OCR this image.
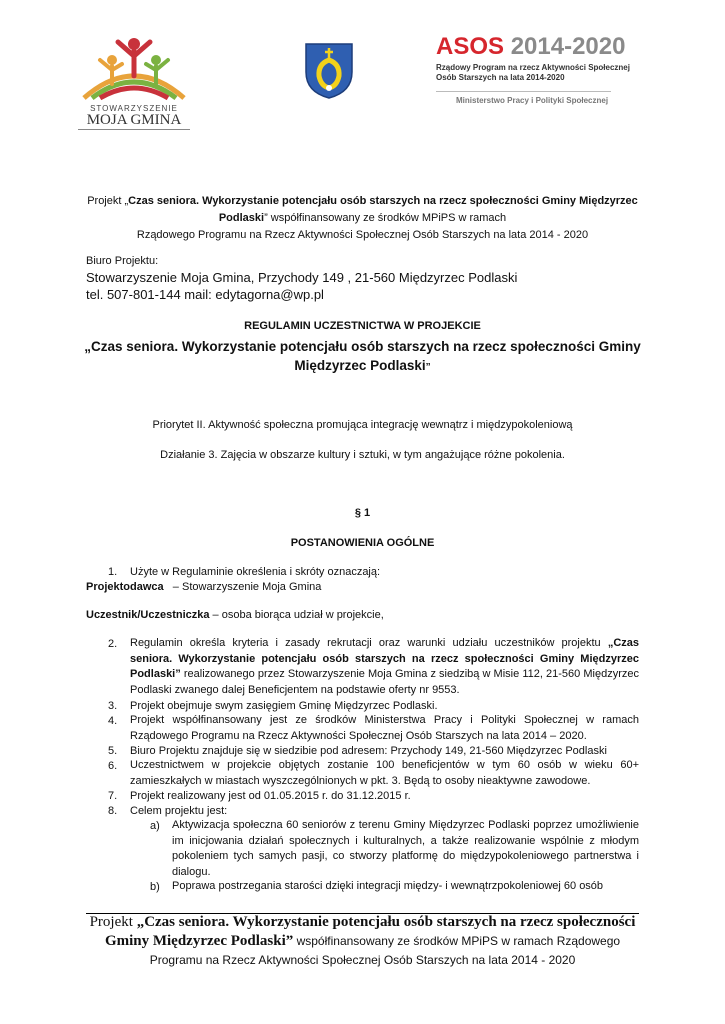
STOWARZYSZENIE
MOJA GMINA
ASOS 2014-2020
Rządowy Program na rzecz Aktywności Społecznej
Osób Starszych na lata 2014-2020
Ministerstwo Pracy i Polityki Społecznej
Projekt „Czas seniora. Wykorzystanie potencjału osób starszych na rzecz społeczności Gminy Międzyrzec
Podlaski” współfinansowany ze środków MPiPS w ramach
Rządowego Programu na Rzecz Aktywności Społecznej Osób Starszych na lata 2014 - 2020
Biuro Projektu:
Stowarzyszenie Moja Gmina, Przychody 149 , 21-560 Międzyrzec Podlaski
tel. 507-801-144 mail: edytagorna@wp.pl
REGULAMIN UCZESTNICTWA W PROJEKCIE
„Czas seniora. Wykorzystanie potencjału osób starszych na rzecz społeczności Gminy
Międzyrzec Podlaski”
Priorytet II. Aktywność społeczna promująca integrację wewnątrz i międzypokoleniową
Działanie 3. Zajęcia w obszarze kultury i sztuki, w tym angażujące różne pokolenia.
§ 1
POSTANOWIENIA OGÓLNE
1. Użyte w Regulaminie określenia i skróty oznaczają:
Projektodawca   – Stowarzyszenie Moja Gmina
Uczestnik/Uczestniczka – osoba biorąca udział w projekcie,
2. Regulamin określa kryteria i zasady rekrutacji oraz warunki udziału uczestników projektu „Czas seniora. Wykorzystanie potencjału osób starszych na rzecz społeczności Gminy Międzyrzec Podlaski” realizowanego przez Stowarzyszenie Moja Gmina z siedzibą w Misie 112, 21-560 Międzyrzec Podlaski zwanego dalej Beneficjentem na podstawie oferty nr 9553.
3. Projekt obejmuje swym zasięgiem Gminę Międzyrzec Podlaski.
4. Projekt współfinansowany jest ze środków Ministerstwa Pracy i Polityki Społecznej w ramach Rządowego Programu na Rzecz Aktywności Społecznej Osób Starszych na lata 2014 – 2020.
5. Biuro Projektu znajduje się w siedzibie pod adresem: Przychody 149, 21-560 Międzyrzec Podlaski
6. Uczestnictwem w projekcie objętych zostanie 100 beneficjentów w tym 60 osób w wieku 60+ zamieszkałych w miastach wyszczególnionych w pkt. 3. Będą to osoby nieaktywne zawodowe.
7. Projekt realizowany jest od 01.05.2015 r. do 31.12.2015 r.
8. Celem projektu jest:
a) Aktywizacja społeczna 60 seniorów z terenu Gminy Międzyrzec Podlaski poprzez umożliwienie im inicjowania działań społecznych i kulturalnych, a także realizowanie wspólnie z młodym pokoleniem tych samych pasji, co stworzy platformę do międzypokoleniowego partnerstwa i dialogu.
b) Poprawa postrzegania starości dzięki integracji między- i wewnątrzpokoleniowej 60 osób
Projekt „Czas seniora. Wykorzystanie potencjału osób starszych na rzecz społeczności
Gminy Międzyrzec Podlaski” współfinansowany ze środków MPiPS w ramach Rządowego
Programu na Rzecz Aktywności Społecznej Osób Starszych na lata 2014 - 2020
